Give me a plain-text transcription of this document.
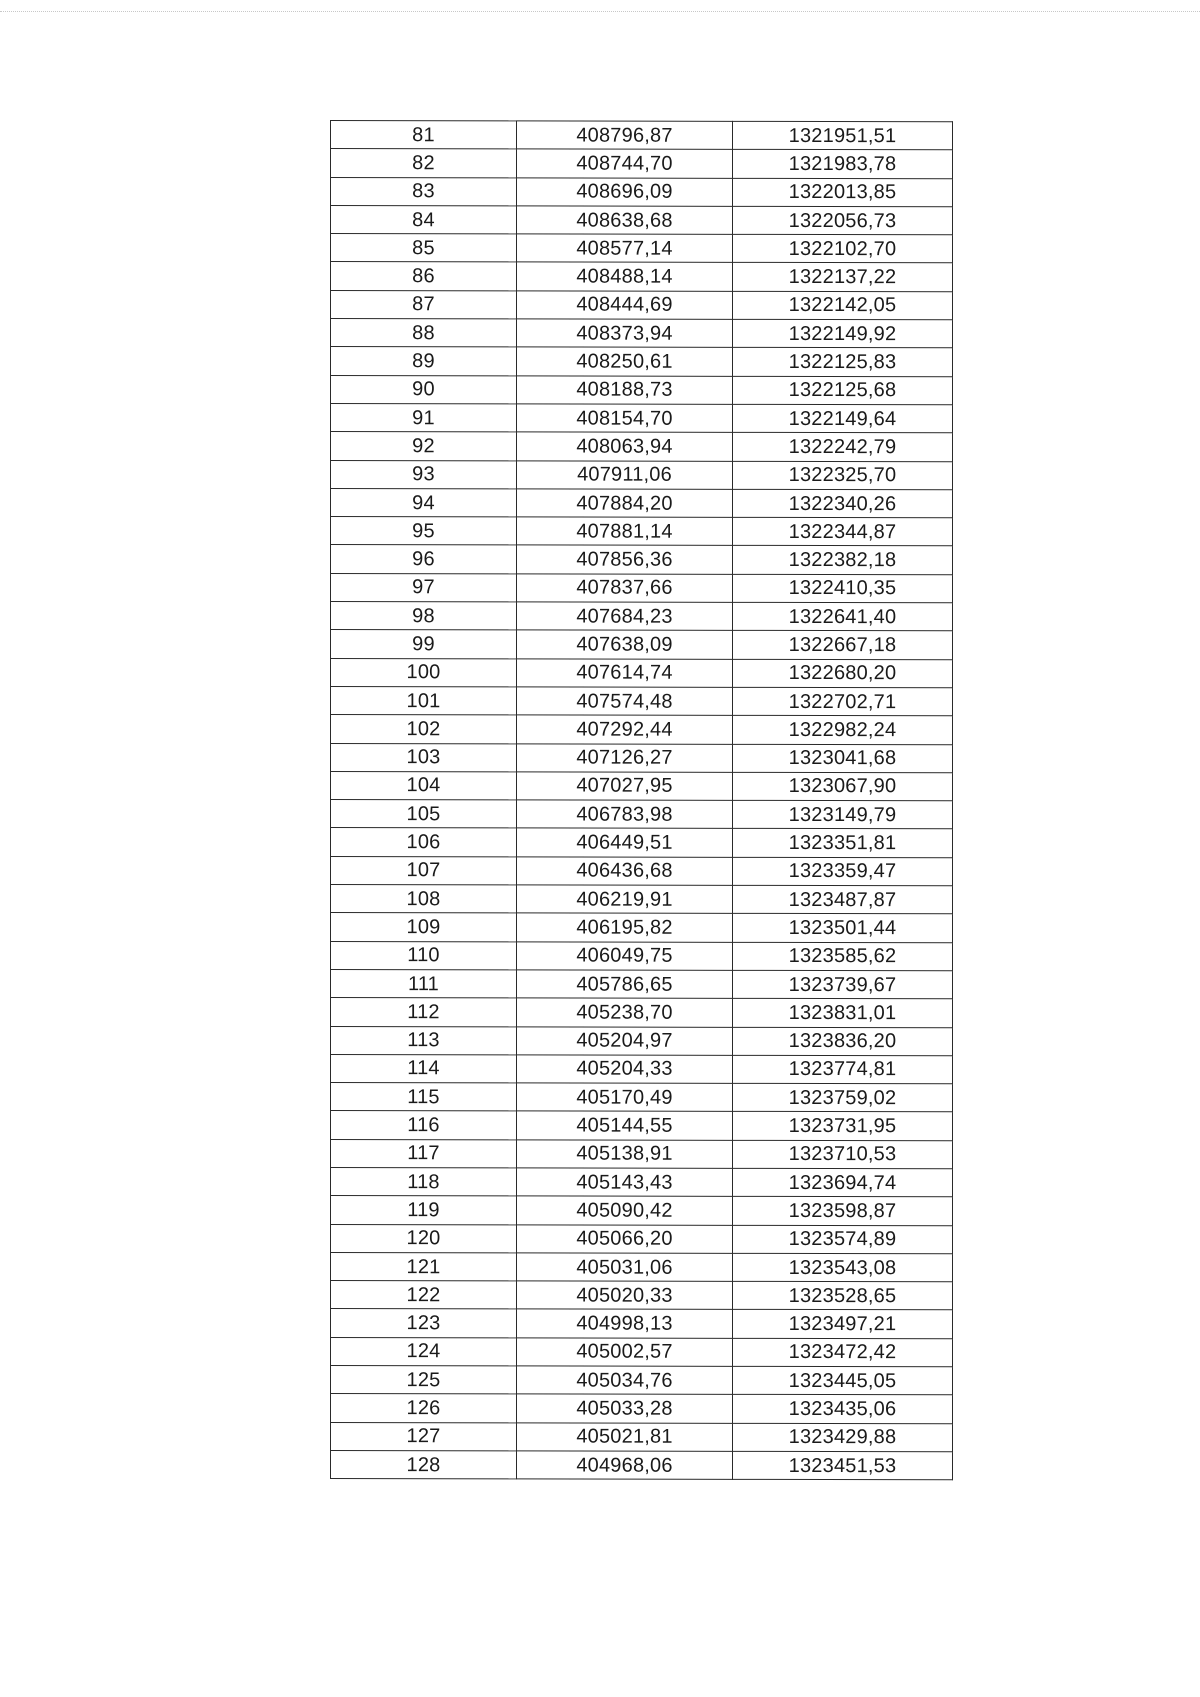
81	408796,87	1321951,51
82	408744,70	1321983,78
83	408696,09	1322013,85
84	408638,68	1322056,73
85	408577,14	1322102,70
86	408488,14	1322137,22
87	408444,69	1322142,05
88	408373,94	1322149,92
89	408250,61	1322125,83
90	408188,73	1322125,68
91	408154,70	1322149,64
92	408063,94	1322242,79
93	407911,06	1322325,70
94	407884,20	1322340,26
95	407881,14	1322344,87
96	407856,36	1322382,18
97	407837,66	1322410,35
98	407684,23	1322641,40
99	407638,09	1322667,18
100	407614,74	1322680,20
101	407574,48	1322702,71
102	407292,44	1322982,24
103	407126,27	1323041,68
104	407027,95	1323067,90
105	406783,98	1323149,79
106	406449,51	1323351,81
107	406436,68	1323359,47
108	406219,91	1323487,87
109	406195,82	1323501,44
110	406049,75	1323585,62
111	405786,65	1323739,67
112	405238,70	1323831,01
113	405204,97	1323836,20
114	405204,33	1323774,81
115	405170,49	1323759,02
116	405144,55	1323731,95
117	405138,91	1323710,53
118	405143,43	1323694,74
119	405090,42	1323598,87
120	405066,20	1323574,89
121	405031,06	1323543,08
122	405020,33	1323528,65
123	404998,13	1323497,21
124	405002,57	1323472,42
125	405034,76	1323445,05
126	405033,28	1323435,06
127	405021,81	1323429,88
128	404968,06	1323451,53
